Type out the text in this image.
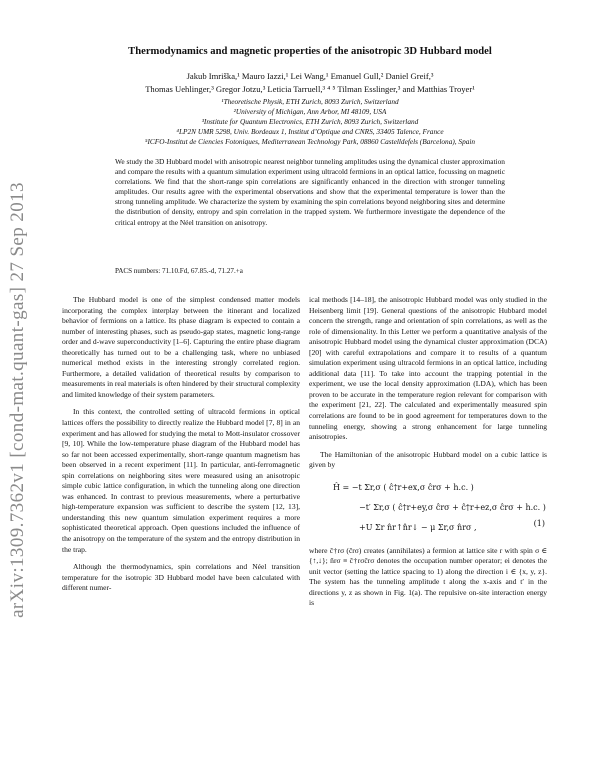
arXiv:1309.7362v1 [cond-mat.quant-gas] 27 Sep 2013
Thermodynamics and magnetic properties of the anisotropic 3D Hubbard model
Jakub Imriška,¹ Mauro Iazzi,¹ Lei Wang,¹ Emanuel Gull,² Daniel Greif,³
Thomas Uehlinger,³ Gregor Jotzu,³ Leticia Tarruell,³ ⁴ ⁵ Tilman Esslinger,³ and Matthias Troyer¹
¹Theoretische Physik, ETH Zurich, 8093 Zurich, Switzerland
²University of Michigan, Ann Arbor, MI 48109, USA
³Institute for Quantum Electronics, ETH Zurich, 8093 Zurich, Switzerland
⁴LP2N UMR 5298, Univ. Bordeaux 1, Institut d’Optique and CNRS, 33405 Talence, France
⁵ICFO-Institut de Ciencies Fotoniques, Mediterranean Technology Park, 08860 Castelldefels (Barcelona), Spain

We study the 3D Hubbard model with anisotropic nearest neighbor tunneling amplitudes using the dynamical cluster approximation and compare the results with a quantum simulation experiment using ultracold fermions in an optical lattice, focussing on magnetic correlations. We find that the short-range spin correlations are significantly enhanced in the direction with stronger tunneling amplitudes. Our results agree with the experimental observations and show that the experimental temperature is lower than the strong tunneling amplitude. We characterize the system by examining the spin correlations beyond neighboring sites and determine the distribution of density, entropy and spin correlation in the trapped system. We furthermore investigate the dependence of the critical entropy at the Néel transition on anisotropy.

PACS numbers: 71.10.Fd, 67.85.-d, 71.27.+a

The Hubbard model is one of the simplest condensed matter models incorporating the complex interplay between the itinerant and localized behavior of fermions on a lattice. Its phase diagram is expected to contain a number of interesting phases, such as pseudo-gap states, magnetic long-range order and d-wave superconductivity [1–6]. Capturing the entire phase diagram theoretically has turned out to be a challenging task, where no unbiased numerical method exists in the interesting strongly correlated region. Furthermore, a detailed validation of theoretical results by comparison to measurements in real materials is often hindered by their structural complexity and limited knowledge of their system parameters.

In this context, the controlled setting of ultracold fermions in optical lattices offers the possibility to directly realize the Hubbard model [7, 8] in an experiment and has allowed for studying the metal to Mott-insulator crossover [9, 10]. While the low-temperature phase diagram of the Hubbard model has so far not been accessed experimentally, short-range quantum magnetism has been observed in a recent experiment [11]. In particular, anti-ferromagnetic spin correlations on neighboring sites were measured using an anisotropic simple cubic lattice configuration, in which the tunneling along one direction was enhanced. In contrast to previous measurements, where a perturbative high-temperature expansion was sufficient to describe the system [12, 13], understanding this new quantum simulation experiment requires a more sophisticated theoretical approach. Open questions included the influence of the anisotropy on the temperature of the system and the entropy distribution in the trap.

Although the thermodynamics, spin correlations and Néel transition temperature for the isotropic 3D Hubbard model have been calculated with different numer-

ical methods [14–18], the anisotropic Hubbard model was only studied in the Heisenberg limit [19]. General questions of the anisotropic Hubbard model concern the strength, range and orientation of spin correlations, as well as the role of dimensionality. In this Letter we perform a quantitative analysis of the anisotropic Hubbard model using the dynamical cluster approximation (DCA) [20] with careful extrapolations and compare it to results of a quantum simulation experiment using ultracold fermions in an optical lattice, including additional data [11]. To take into account the trapping potential in the experiment, we use the local density approximation (LDA), which has been proven to be accurate in the temperature region relevant for comparison with the experiment [21, 22]. The calculated and experimentally measured spin correlations are found to be in good agreement for temperatures down to the tunneling energy, showing a strong enhancement for large tunneling anisotropies.

The Hamiltonian of the anisotropic Hubbard model on a cubic lattice is given by

Ĥ = −t Σr,σ ( ĉ†r+ex,σ ĉrσ + h.c. )
−t′ Σr,σ ( ĉ†r+ey,σ ĉrσ + ĉ†r+ez,σ ĉrσ + h.c. )
+U Σr n̂r↑n̂r↓ − μ Σr,σ n̂rσ ,	(1)

where ĉ†rσ (ĉrσ) creates (annihilates) a fermion at lattice site r with spin σ ∈ {↑,↓}; n̂rσ ≡ ĉ†rσĉrσ denotes the occupation number operator; ei denotes the unit vector (setting the lattice spacing to 1) along the direction i ∈ {x, y, z}. The system has the tunneling amplitude t along the x-axis and t′ in the directions y, z as shown in Fig. 1(a). The repulsive on-site interaction energy is
